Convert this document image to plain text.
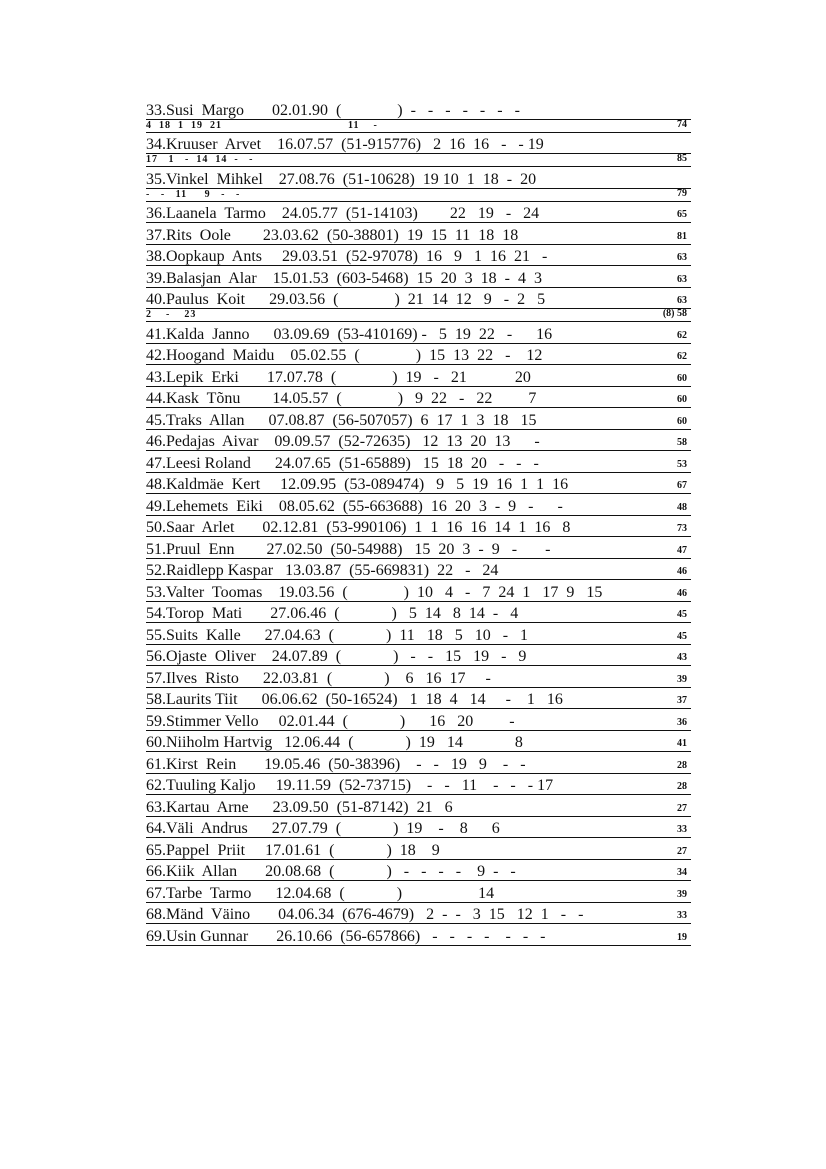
33.Susi  Margo       02.01.90  (              )  -   -   -   -   -   -   -
4  18  1  19  21                                    11    -	74
34.Kruuser  Arvet    16.07.57  (51-915776)   2  16  16   -   - 19
17   1   -  14  14  -   -	85
35.Vinkel  Mihkel    27.08.76  (51-10628)  19 10  1  18  -  20
-   -   11     9   -   -	79
36.Laanela  Tarmo    24.05.77  (51-14103)        22   19   -   24	65
37.Rits  Oole        23.03.62  (50-38801)  19  15  11  18  18	81
38.Oopkaup  Ants     29.03.51  (52-97078)  16   9   1  16  21   -	63
39.Balasjan  Alar    15.01.53  (603-5468)  15  20  3  18  -  4  3	63
40.Paulus  Koit      29.03.56  (              )  21  14  12   9   -  2   5	63
2    -    23	(8) 58
41.Kalda  Janno      03.09.69  (53-410169) -   5  19  22   -      16	62
42.Hoogand  Maidu    05.02.55  (              )  15  13  22   -    12	62
43.Lepik  Erki       17.07.78  (              )  19   -   21            20	60
44.Kask  Tõnu        14.05.57  (              )   9  22   -   22         7	60
45.Traks  Allan      07.08.87  (56-507057)  6  17  1  3  18   15	60
46.Pedajas  Aivar    09.09.57  (52-72635)   12  13  20  13      -	58
47.Leesi Roland      24.07.65  (51-65889)   15  18  20   -   -   -	53
48.Kaldmäe  Kert     12.09.95  (53-089474)   9   5  19  16  1  1  16	67
49.Lehemets  Eiki    08.05.62  (55-663688)  16  20  3  -  9   -      -	48
50.Saar  Arlet       02.12.81  (53-990106)  1  1  16  16  14  1  16   8	73
51.Pruul  Enn        27.02.50  (50-54988)   15  20  3  -  9   -       -	47
52.Raidlepp Kaspar   13.03.87  (55-669831)  22   -   24	46
53.Valter  Toomas    19.03.56  (              )  10   4   -   7  24  1   17  9   15	46
54.Torop  Mati       27.06.46  (             )   5  14   8  14  -   4	45
55.Suits  Kalle      27.04.63  (             )  11   18   5   10   -   1	45
56.Ojaste  Oliver    24.07.89  (             )   -   -   15   19   -   9	43
57.Ilves  Risto      22.03.81  (             )    6   16  17     -	39
58.Laurits Tiit      06.06.62  (50-16524)   1  18  4   14     -    1   16	37
59.Stimmer Vello     02.01.44  (             )      16   20         -	36
60.Niiholm Hartvig   12.06.44  (             )  19   14             8	41
61.Kirst  Rein       19.05.46  (50-38396)    -   -   19   9    -   -	28
62.Tuuling Kaljo     19.11.59  (52-73715)    -   -   11    -   -   - 17	28
63.Kartau  Arne      23.09.50  (51-87142)  21   6	27
64.Väli  Andrus      27.07.79  (             )  19    -    8      6	33
65.Pappel  Priit     17.01.61  (             )  18    9	27
66.Kiik  Allan       20.08.68  (             )   -   -   -   -    9  -   -	34
67.Tarbe  Tarmo      12.04.68  (             )                   14	39
68.Mänd  Väino       04.06.34  (676-4679)   2  -  -   3  15   12  1   -   -	33
69.Usin Gunnar       26.10.66  (56-657866)   -   -   -   -    -   -   -	19
